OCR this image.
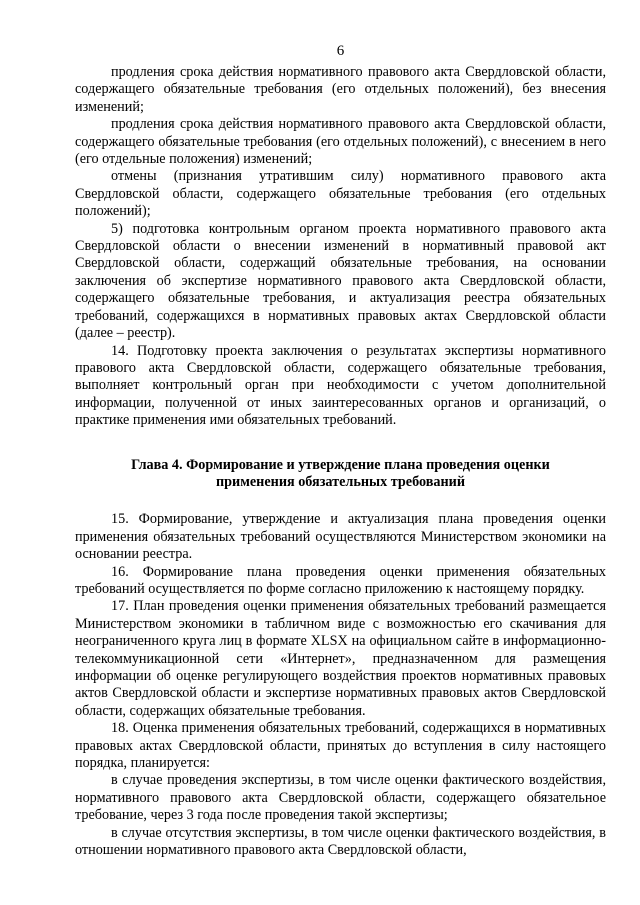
6

продления срока действия нормативного правового акта Свердловской области, содержащего обязательные требования (его отдельных положений), без внесения изменений;

продления срока действия нормативного правового акта Свердловской области, содержащего обязательные требования (его отдельных положений), с внесением в него (его отдельные положения) изменений;

отмены (признания утратившим силу) нормативного правового акта Свердловской области, содержащего обязательные требования (его отдельных положений);

5) подготовка контрольным органом проекта нормативного правового акта Свердловской области о внесении изменений в нормативный правовой акт Свердловской области, содержащий обязательные требования, на основании заключения об экспертизе нормативного правового акта Свердловской области, содержащего обязательные требования, и актуализация реестра обязательных требований, содержащихся в нормативных правовых актах Свердловской области (далее – реестр).

14. Подготовку проекта заключения о результатах экспертизы нормативного правового акта Свердловской области, содержащего обязательные требования, выполняет контрольный орган при необходимости с учетом дополнительной информации, полученной от иных заинтересованных органов и организаций, о практике применения ими обязательных требований.

Глава 4. Формирование и утверждение плана проведения оценки
применения обязательных требований

15. Формирование, утверждение и актуализация плана проведения оценки применения обязательных требований осуществляются Министерством экономики на основании реестра.

16. Формирование плана проведения оценки применения обязательных требований осуществляется по форме согласно приложению к настоящему порядку.

17. План проведения оценки применения обязательных требований размещается Министерством экономики в табличном виде с возможностью его скачивания для неограниченного круга лиц в формате XLSX на официальном сайте в информационно-телекоммуникационной сети «Интернет», предназначенном для размещения информации об оценке регулирующего воздействия проектов нормативных правовых актов Свердловской области и экспертизе нормативных правовых актов Свердловской области, содержащих обязательные требования.

18. Оценка применения обязательных требований, содержащихся в нормативных правовых актах Свердловской области, принятых до вступления в силу настоящего порядка, планируется:

в случае проведения экспертизы, в том числе оценки фактического воздействия, нормативного правового акта Свердловской области, содержащего обязательное требование, через 3 года после проведения такой экспертизы;

в случае отсутствия экспертизы, в том числе оценки фактического воздействия, в отношении нормативного правового акта Свердловской области,
